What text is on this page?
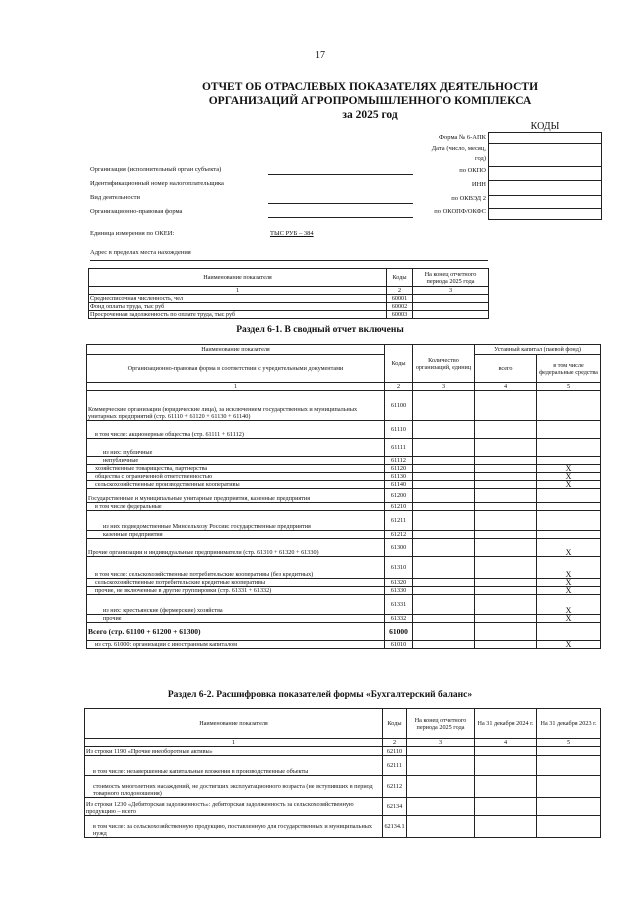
17
ОТЧЕТ ОБ ОТРАСЛЕВЫХ ПОКАЗАТЕЛЯХ ДЕЯТЕЛЬНОСТИ
ОРГАНИЗАЦИЙ АГРОПРОМЫШЛЕННОГО КОМПЛЕКСА
за 2025 год
КОДЫ
Форма № 6-АПК
Дата (число, месяц,
год)
по ОКПО
ИНН
по ОКВЭД 2
по ОКОПФ/ОКФС
Организация (исполнительный орган субъекта)
Идентификационный номер налогоплательщика
Вид деятельности
Организационно-правовая форма
Единица измерения по ОКЕИ:	ТЫС РУБ – 384
Адрес в пределах места нахождения
Наименование показателя	Коды	На конец отчетного периода 2025 года
1	2	3
Среднесписочная численность, чел	60001	
Фонд оплаты труда, тыс руб	60002	
Просроченная задолженность по оплате труда, тыс руб	60003	
Раздел 6-1. В сводный отчет включены
Наименование показателя	Коды	Количество организаций, единиц	Уставный капитал (паевой фонд)	
Организационно-правовая форма в соответствии с учредительными документами			всего	в том числе федеральные средства

1	2	3	4	5
Коммерческие организации (юридические лица), за исключением государственных и муниципальных унитарных предприятий (стр. 61110 + 61120 + 61130 + 61140)	61100			
в том числе: акционерные общества (стр. 61111 + 61112)	61110			
из них: публичные	61111			
непубличные	61112			
хозяйственные товарищества, партнерства	61120			X
общества с ограниченной ответственностью	61130			X
сельскохозяйственные производственные кооперативы	61140			X
Государственные и муниципальные унитарные предприятия, казенные предприятия	61200			
в том числе федеральные	61210			
из них подведомственные Минсельхозу России: государственные предприятия	61211			
казенные предприятия	61212			
Прочие организации и индивидуальные предприниматели (стр. 61310 + 61320 + 61330)	61300			X
в том числе: сельскохозяйственные потребительские кооперативы (без кредитных)	61310			X
сельскохозяйственные потребительские кредитные кооперативы	61320			X
прочие, не включенные в другие группировки (стр. 61331 + 61332)	61330			X
из них: крестьянские (фермерские) хозяйства	61331			X
прочие	61332			X
Всего (стр. 61100 + 61200 + 61300)	61000			
из стр. 61000: организации с иностранным капиталом	61010			X
Раздел 6-2. Расшифровка показателей формы «Бухгалтерский баланс»
Наименование показателя	Коды	На конец отчетного периода 2025 года	На 31 декабря 2024 г.	На 31 декабря 2023 г.
1	2	3	4	5
Из строки 1190 «Прочие внеоборотные активы»	62110			
в том числе: незавершенные капитальные вложения в производственные объекты	62111			
стоимость многолетних насаждений, не достигших эксплуатационного возраста (не вступивших в период товарного плодоношения)	62112			
Из строки 1230 «Дебиторская задолженность»: дебиторская задолженность за сельскохозяйственную продукцию – всего	62134			
в том числе: за сельскохозяйственную продукцию, поставленную для государственных и муниципальных нужд	62134.1			
